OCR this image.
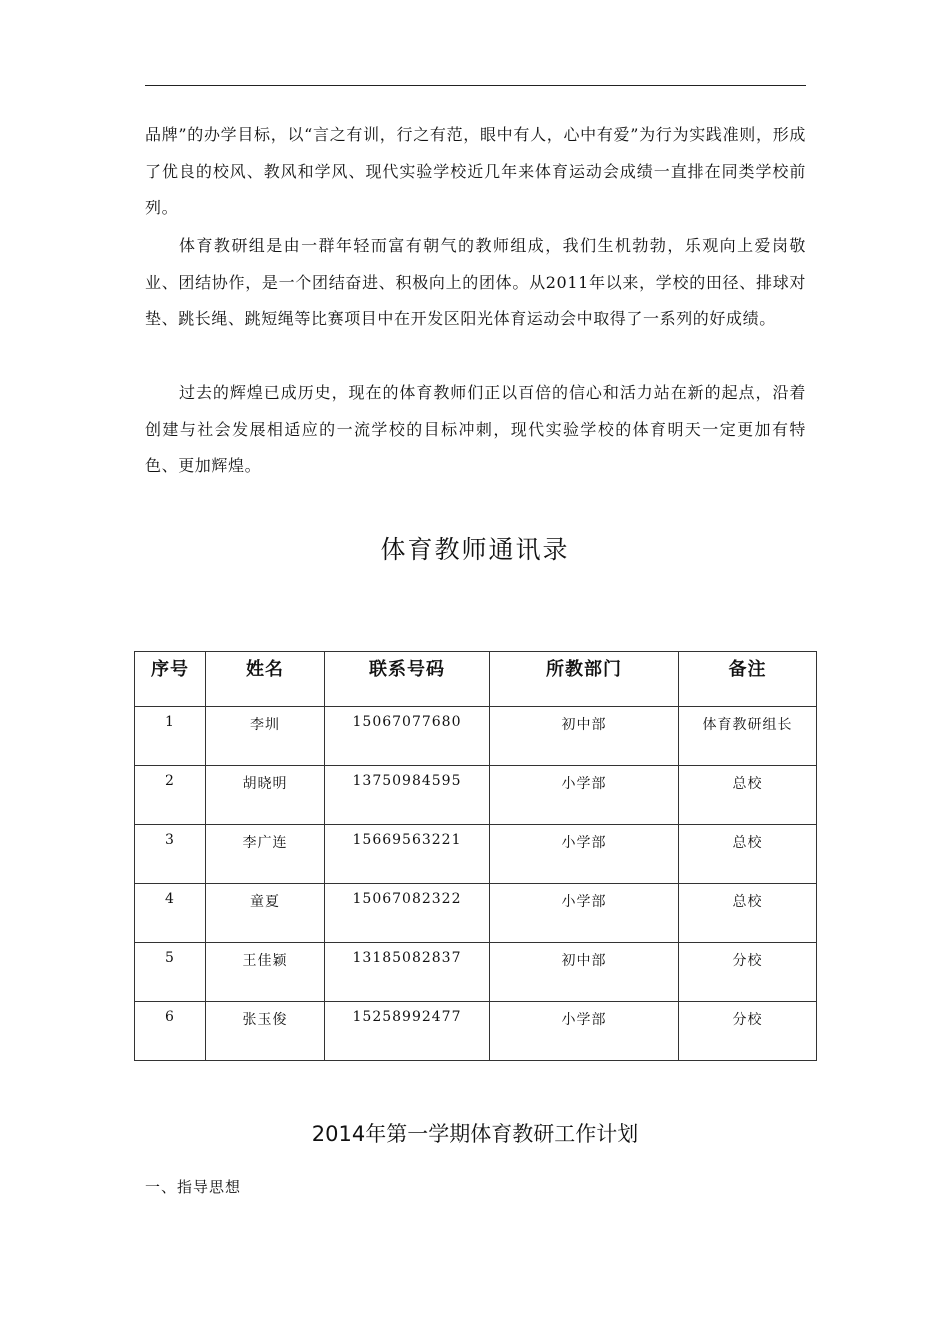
品牌”的办学目标，以“言之有训，行之有范，眼中有人，心中有爱”为行为实践准则，形成了优良的校风、教风和学风、现代实验学校近几年来体育运动会成绩一直排在同类学校前列。

体育教研组是由一群年轻而富有朝气的教师组成，我们生机勃勃，乐观向上爱岗敬业、团结协作，是一个团结奋进、积极向上的团体。从2011年以来，学校的田径、排球对垫、跳长绳、跳短绳等比赛项目中在开发区阳光体育运动会中取得了一系列的好成绩。

过去的辉煌已成历史，现在的体育教师们正以百倍的信心和活力站在新的起点，沿着创建与社会发展相适应的一流学校的目标冲刺，现代实验学校的体育明天一定更加有特色、更加辉煌。

体育教师通讯录
序号	姓名	联系号码	所教部门	备注
1	李圳	15067077680	初中部	体育教研组长
2	胡晓明	13750984595	小学部	总校
3	李广连	15669563221	小学部	总校
4	童夏	15067082322	小学部	总校
5	王佳颖	13185082837	初中部	分校
6	张玉俊	15258992477	小学部	分校
2014年第一学期体育教研工作计划

一、指导思想
